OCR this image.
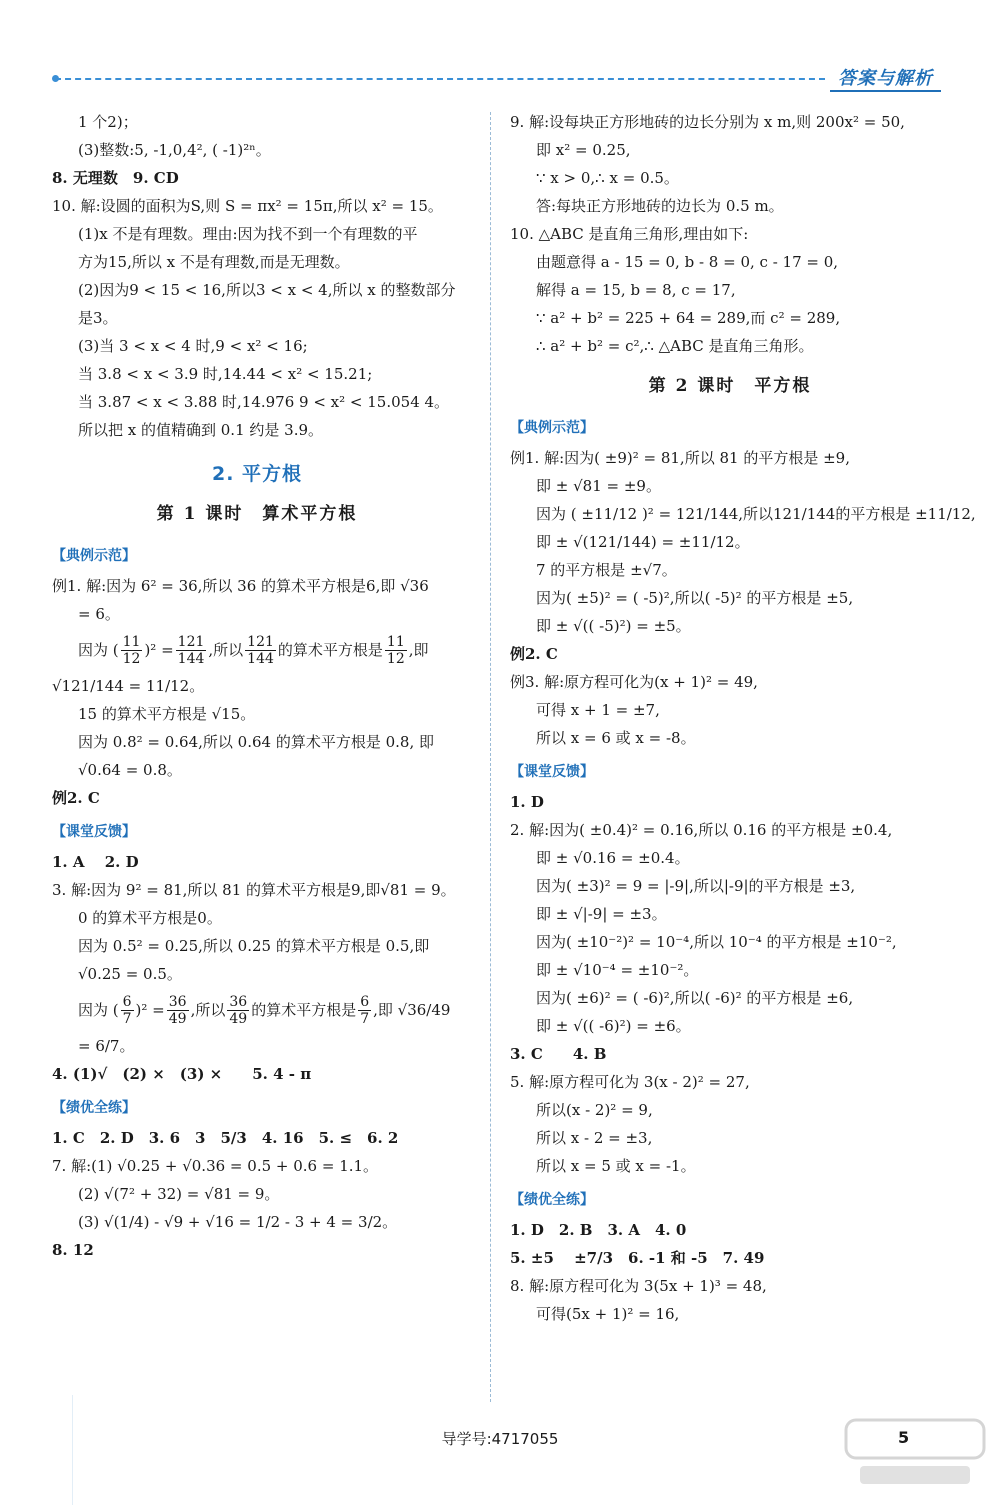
答案与解析
1 个2)；
(3)整数:5, -1,0,4², ( -1)²ⁿ。
8. 无理数　9. CD
10. 解:设圆的面积为S,则 S = πx² = 15π,所以 x² = 15。
(1)x 不是有理数。理由:因为找不到一个有理数的平
方为15,所以 x 不是有理数,而是无理数。
(2)因为9 < 15 < 16,所以3 < x < 4,所以 x 的整数部分
是3。
(3)当 3 < x < 4 时,9 < x² < 16;
当 3.8 < x < 3.9 时,14.44 < x² < 15.21;
当 3.87 < x < 3.88 时,14.976 9 < x² < 15.054 4。
所以把 x 的值精确到 0.1 约是 3.9。
2. 平方根
第 1 课时　算术平方根
【典例示范】
例1. 解:因为 6² = 36,所以 36 的算术平方根是6,即 √36
= 6。
因为 ( $\frac{11}{12} )^2 = \frac{121}{144}$ ,所以 $\frac{121}{144}$ 的算术平方根是 $\frac{11}{12}$ ,即
√121/144 = 11/12。
15 的算术平方根是 √15。
因为 0.8² = 0.64,所以 0.64 的算术平方根是 0.8, 即
√0.64 = 0.8。
例2. C
【课堂反馈】
1. A　 2. D
3. 解:因为 9² = 81,所以 81 的算术平方根是9,即√81 = 9。
0 的算术平方根是0。
因为 0.5² = 0.25,所以 0.25 的算术平方根是 0.5,即
√0.25 = 0.5。
因为 ( $\frac{6}{7} )^2 = \frac{36}{49}$ ,所以 $\frac{36}{49}$ 的算术平方根是 $\frac{6}{7}$ ,即 √36/49
= 6/7。
4. (1)√　(2) ×　(3) ×　　5. 4 - π
【绩优全练】
1. C　2. D　3. 6　3　5/3　4. 16　5. ≤　6. 2
7. 解:(1) √0.25 + √0.36 = 0.5 + 0.6 = 1.1。
(2) √(7² + 32) = √81 = 9。
(3) √(1/4) - √9 + √16 = 1/2 - 3 + 4 = 3/2。
8. 12
9. 解:设每块正方形地砖的边长分别为 x m,则 200x² = 50,
即 x² = 0.25,
∵ x > 0,∴ x = 0.5。
答:每块正方形地砖的边长为 0.5 m。
10. △ABC 是直角三角形,理由如下:
由题意得 a - 15 = 0, b - 8 = 0, c - 17 = 0,
解得 a = 15, b = 8, c = 17,
∵ a² + b² = 225 + 64 = 289,而 c² = 289,
∴ a² + b² = c²,∴ △ABC 是直角三角形。
第 2 课时　平方根
【典例示范】
例1. 解:因为( ±9)² = 81,所以 81 的平方根是 ±9,
即 ± √81 = ±9。
因为 ( ±11/12 )² = 121/144,所以121/144的平方根是 ±11/12,
即 ± √(121/144) = ±11/12。
7 的平方根是 ±√7。
因为( ±5)² = ( -5)²,所以( -5)² 的平方根是 ±5,
即 ± √(( -5)²) = ±5。
例2. C
例3. 解:原方程可化为(x + 1)² = 49,
可得 x + 1 = ±7,
所以 x = 6 或 x = -8。
【课堂反馈】
1. D
2. 解:因为( ±0.4)² = 0.16,所以 0.16 的平方根是 ±0.4,
即 ± √0.16 = ±0.4。
因为( ±3)² = 9 = |-9|,所以|-9|的平方根是 ±3,
即 ± √|-9| = ±3。
因为( ±10⁻²)² = 10⁻⁴,所以 10⁻⁴ 的平方根是 ±10⁻²,
即 ± √10⁻⁴ = ±10⁻²。
因为( ±6)² = ( -6)²,所以( -6)² 的平方根是 ±6,
即 ± √(( -6)²) = ±6。
3. C　　4. B
5. 解:原方程可化为 3(x - 2)² = 27,
所以(x - 2)² = 9,
所以 x - 2 = ±3,
所以 x = 5 或 x = -1。
【绩优全练】
1. D　2. B　3. A　4. 0
5. ±5　 ±7/3　6. -1 和 -5　7. 49
8. 解:原方程可化为 3(5x + 1)³ = 48,
可得(5x + 1)² = 16,
导学号:4717055	5
